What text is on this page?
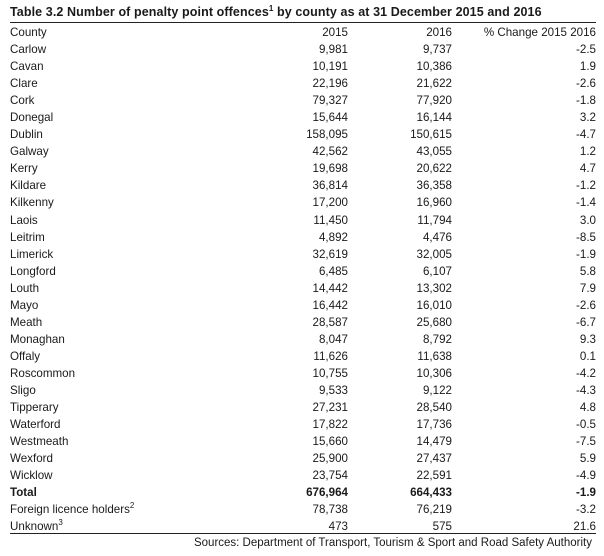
Table 3.2 Number of penalty point offences$^1$ by county as at 31 December 2015 and 2016
County	2015	2016	% Change 2015 2016
Carlow	9,981	9,737	-2.5
Cavan	10,191	10,386	1.9
Clare	22,196	21,622	-2.6
Cork	79,327	77,920	-1.8
Donegal	15,644	16,144	3.2
Dublin	158,095	150,615	-4.7
Galway	42,562	43,055	1.2
Kerry	19,698	20,622	4.7
Kildare	36,814	36,358	-1.2
Kilkenny	17,200	16,960	-1.4
Laois	11,450	11,794	3.0
Leitrim	4,892	4,476	-8.5
Limerick	32,619	32,005	-1.9
Longford	6,485	6,107	5.8
Louth	14,442	13,302	7.9
Mayo	16,442	16,010	-2.6
Meath	28,587	25,680	-6.7
Monaghan	8,047	8,792	9.3
Offaly	11,626	11,638	0.1
Roscommon	10,755	10,306	-4.2
Sligo	9,533	9,122	-4.3
Tipperary	27,231	28,540	4.8
Waterford	17,822	17,736	-0.5
Westmeath	15,660	14,479	-7.5
Wexford	25,900	27,437	5.9
Wicklow	23,754	22,591	-4.9
Total	676,964	664,433	-1.9
Foreign licence holders$^2$	78,738	76,219	-3.2
Unknown$^3$	473	575	21.6
Sources: Department of Transport, Tourism & Sport and Road Safety Authority
